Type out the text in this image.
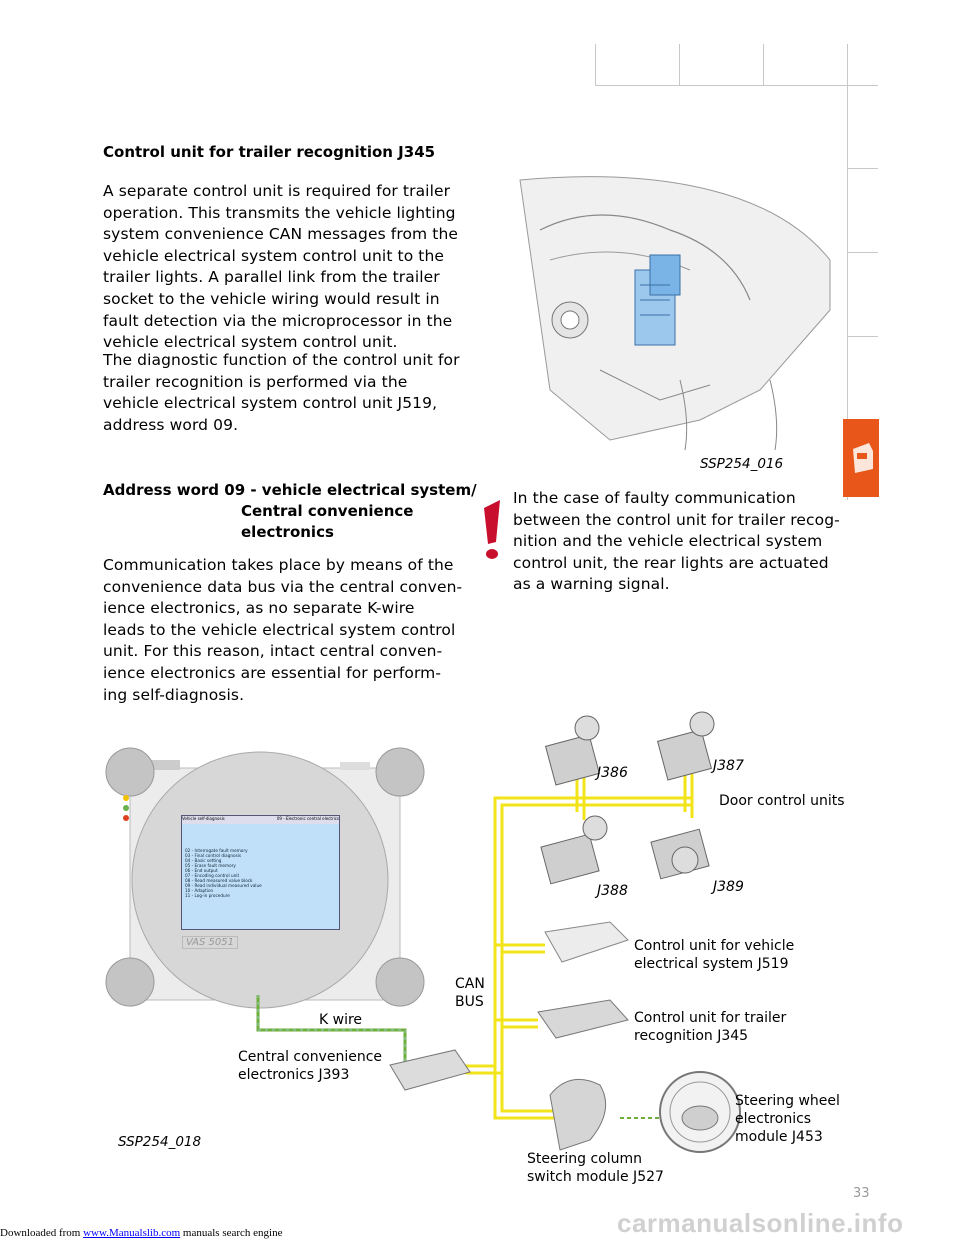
Control unit for trailer recognition J345
A separate control unit is required for trailer
operation. This transmits the vehicle lighting
system convenience CAN messages from the
vehicle electrical system control unit to the
trailer lights. A parallel link from the trailer
socket to the vehicle wiring would result in
fault detection via the microprocessor in the
vehicle electrical system control unit.
The diagnostic function of the control unit for
trailer recognition is performed via the
vehicle electrical system control unit J519,
address word 09.
Address word 09 - vehicle electrical system/
Central convenience
electronics
Communication takes place by means of the
convenience data bus via the central conven-
ience electronics, as no separate K-wire
leads to the vehicle electrical system control
unit. For this reason, intact central conven-
ience electronics are essential for perform-
ing self-diagnosis.
SSP254_016
In the case of faulty communication
between the control unit for trailer recog-
nition and the vehicle electrical system
control unit, the rear lights are actuated
as a warning signal.
Vehicle self-diagnosis	09 - Electronic central electrics
02 - Interrogate fault memory
03 - Final control diagnosis
04 - Basic setting
05 - Erase fault memory
06 - End output
07 - Encoding control unit
08 - Read measured value block
09 - Read individual measured value
10 - Adaption
11 - Log-in procedure
VAS 5051
J386	J387
J388	J389
Door control units
Control unit for vehicle
electrical system J519
Control unit for trailer
recognition J345
CAN
BUS
K wire
Central convenience
electronics J393
Steering wheel
electronics
module J453
Steering column
switch module J527
SSP254_018
33
carmanualsonline.info
Downloaded from www.Manualslib.com manuals search engine
